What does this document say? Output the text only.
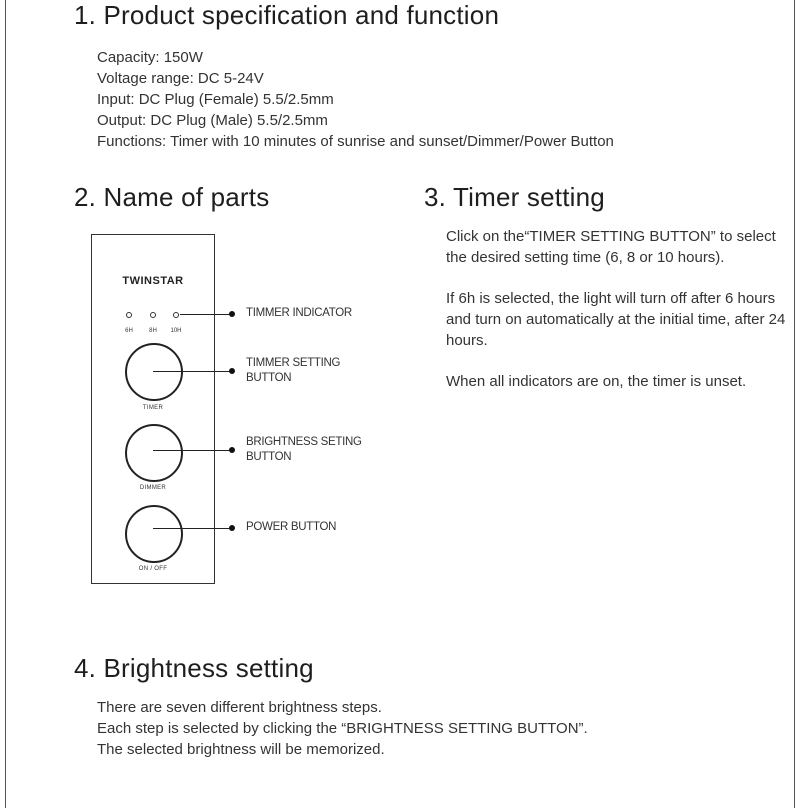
1. Product specification and function
Capacity: 150W
Voltage range: DC 5-24V
Input: DC Plug (Female) 5.5/2.5mm
Output: DC Plug (Male) 5.5/2.5mm
Functions: Timer with 10 minutes of sunrise and sunset/Dimmer/Power Button
2. Name of parts
TWINSTAR
6H	8H	10H
TIMER
DIMMER
ON / OFF
TIMMER INDICATOR
TIMMER SETTING
BUTTON
BRIGHTNESS SETING
BUTTON
POWER BUTTON
3. Timer setting

Click on the“TIMER SETTING BUTTON” to select the desired setting time (6, 8 or 10 hours).

If 6h is selected, the light will turn off after 6 hours and turn on automatically at the initial time, after 24 hours.

When all indicators are on, the timer is unset.

4. Brightness setting
There are seven different brightness steps.
Each step is selected by clicking the “BRIGHTNESS SETTING BUTTON”.
The selected brightness will be memorized.
